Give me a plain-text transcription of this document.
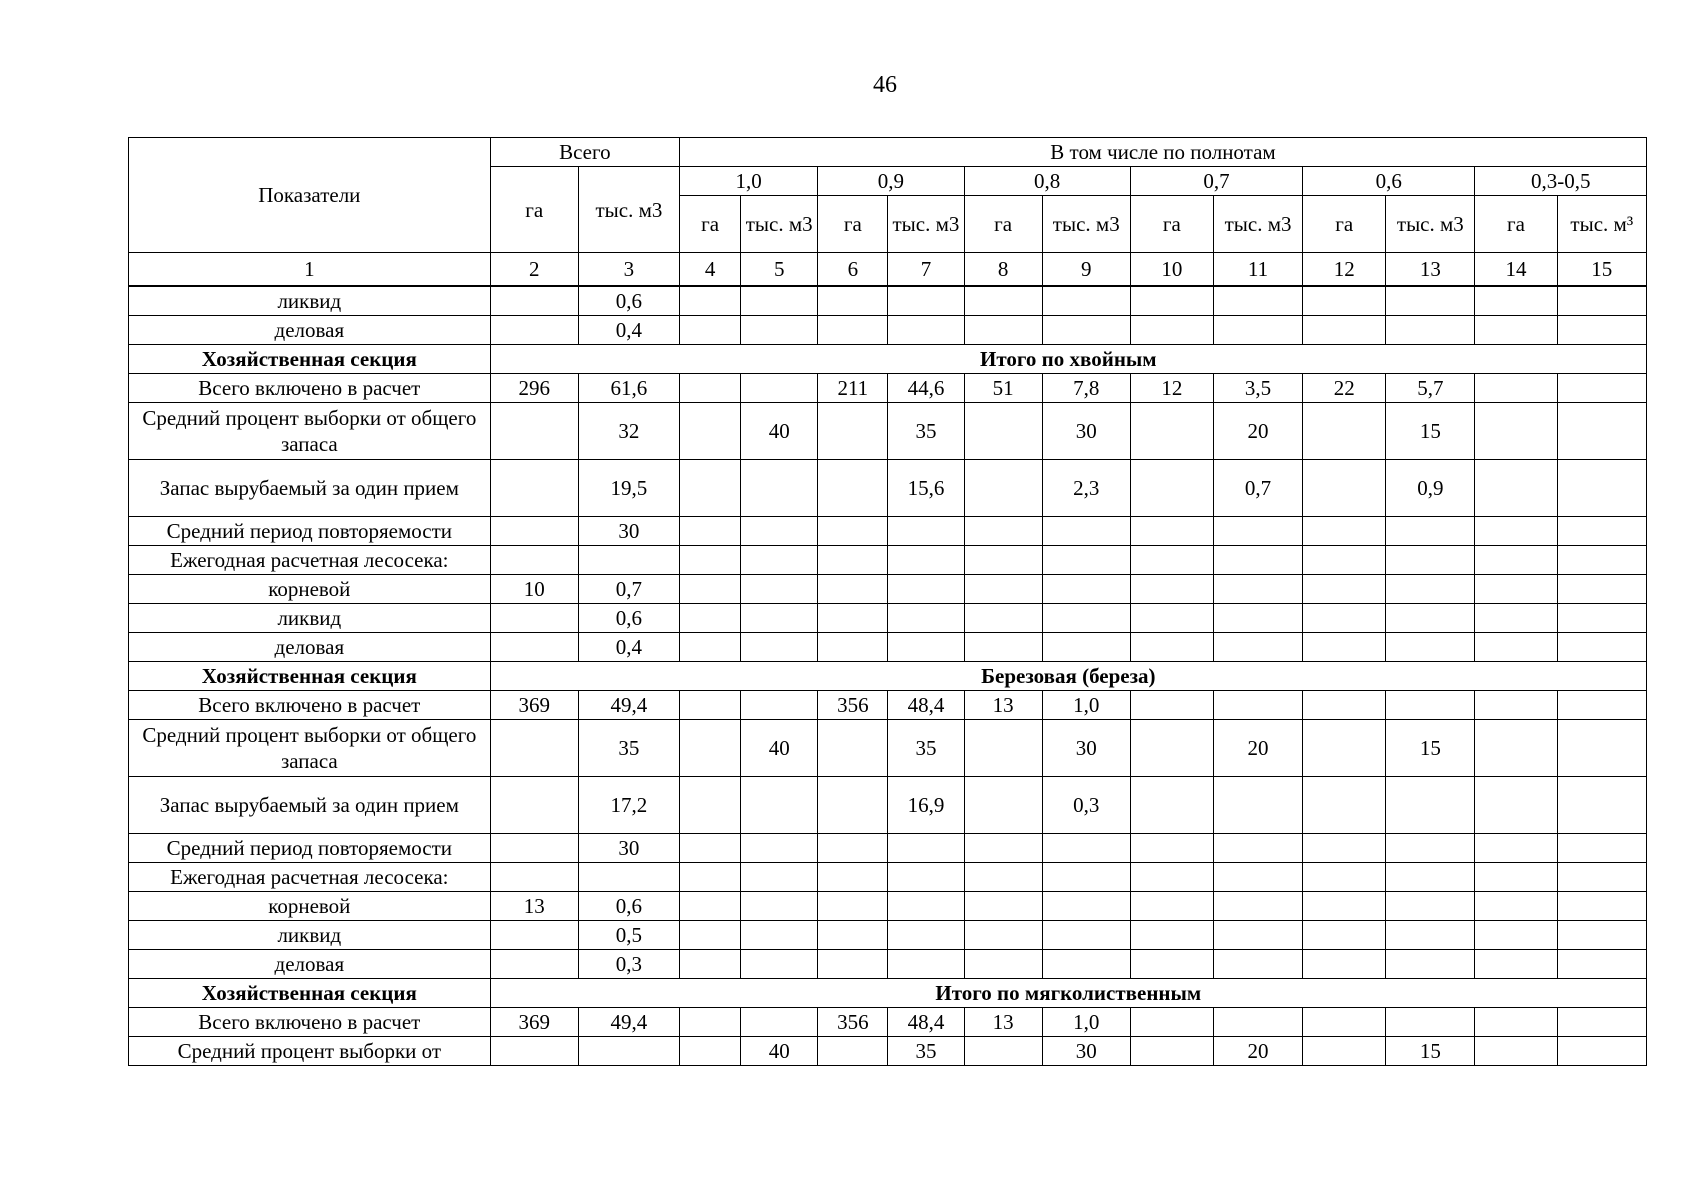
46
Показатели	Всего		В том числе по полнотам											
	га	тыс. м3	1,0		0,9		0,8		0,7		0,6		0,3-0,5	
			га	тыс. м3	га	тыс. м3	га	тыс. м3	га	тыс. м3	га	тыс. м3	га	тыс. м³
1	2	3	4	5	6	7	8	9	10	11	12	13	14	15
ликвид		0,6												
деловая		0,4												
Хозяйственная секция	Итого по хвойным													
Всего включено в расчет	296	61,6			211	44,6	51	7,8	12	3,5	22	5,7		
Средний процент выборки от общего запаса		32		40		35		30		20		15		
Запас вырубаемый за один прием		19,5				15,6		2,3		0,7		0,9		
Средний период повторяемости		30												
Ежегодная расчетная лесосека:														
корневой	10	0,7												
ликвид		0,6												
деловая		0,4												
Хозяйственная секция	Березовая (береза)													
Всего включено в расчет	369	49,4			356	48,4	13	1,0						
Средний процент выборки от общего запаса		35		40		35		30		20		15		
Запас вырубаемый за один прием		17,2				16,9		0,3						
Средний период повторяемости		30												
Ежегодная расчетная лесосека:														
корневой	13	0,6												
ликвид		0,5												
деловая		0,3												
Хозяйственная секция	Итого по мягколиственным													
Всего включено в расчет	369	49,4			356	48,4	13	1,0						
Средний процент выборки от				40		35		30		20		15		
